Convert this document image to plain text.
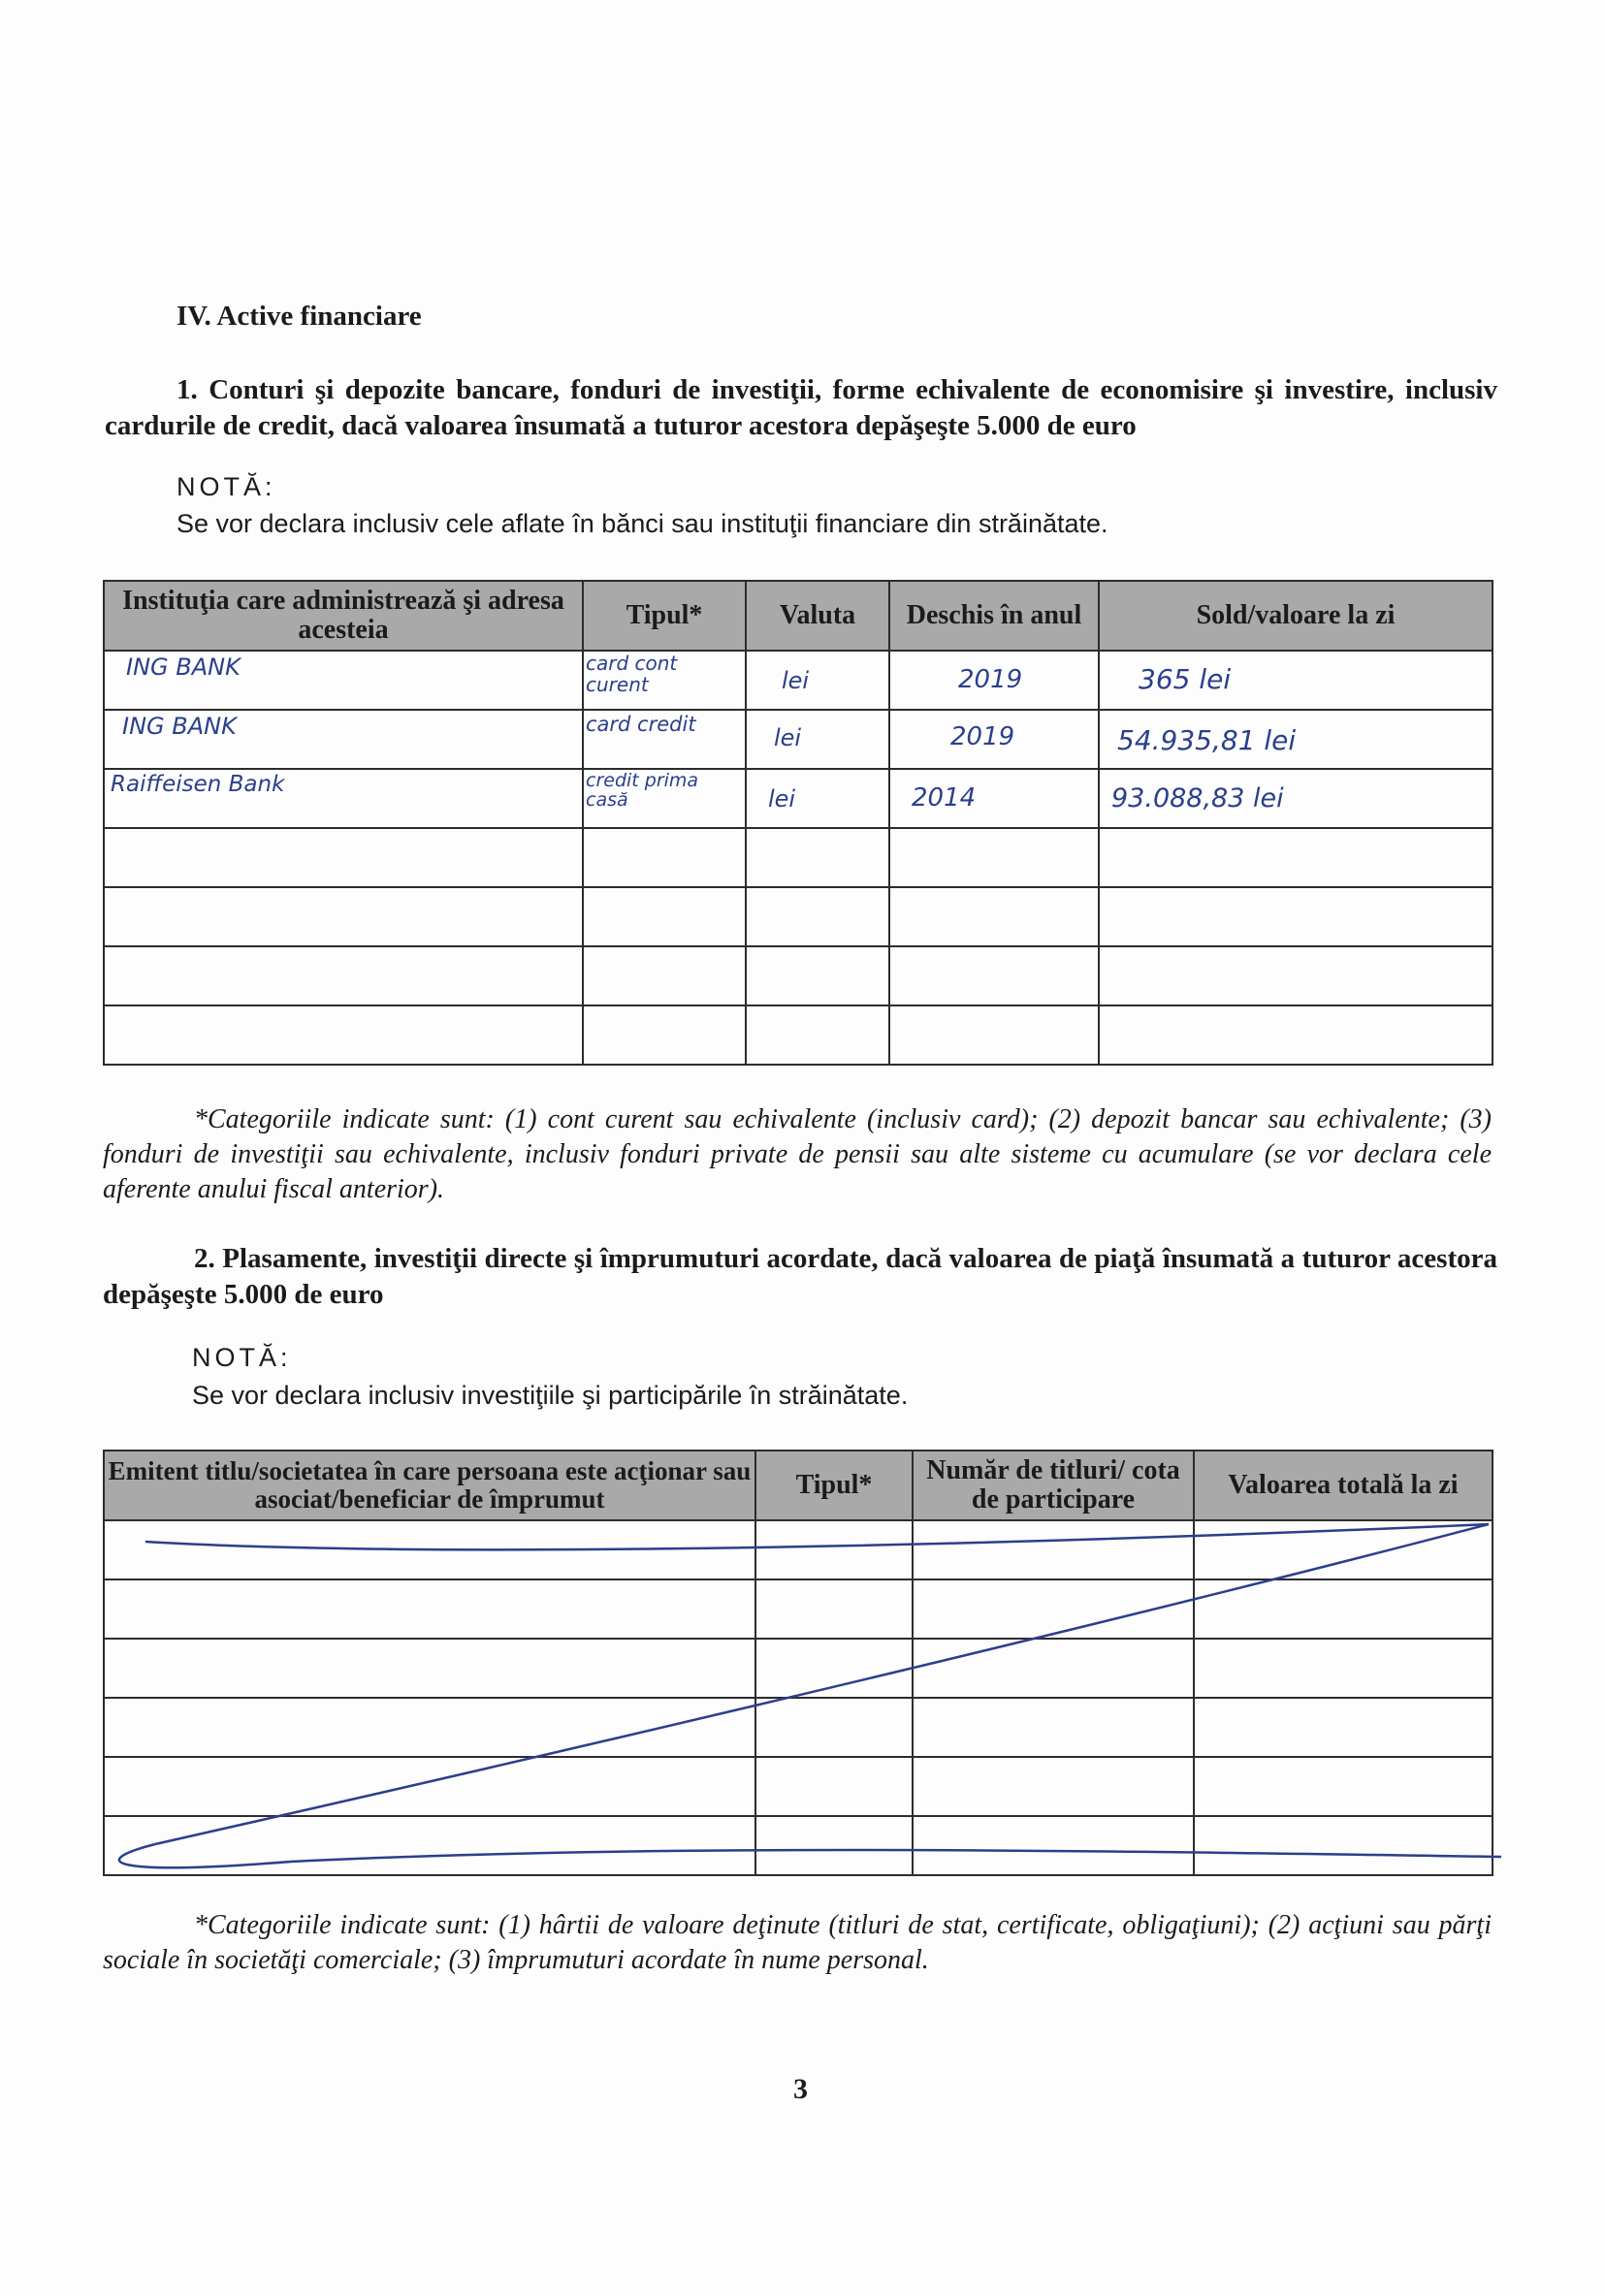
IV. Active financiare
1. Conturi şi depozite bancare, fonduri de investiţii, forme echivalente de economisire şi investire, inclusiv cardurile de credit, dacă valoarea însumată a tuturor acestora depăşeşte 5.000 de euro
NOTĂ:
Se vor declara inclusiv cele aflate în bănci sau instituţii financiare din străinătate.
Instituţia care administrează şi adresa acesteia	Tipul*	Valuta	Deschis în anul	Sold/valoare la zi

ING BANK	card cont curent	lei	2019	365 lei

ING BANK	card credit	lei	2019	54.935,81 lei

Raiffeisen Bank	credit prima casă	lei	2014	93.088,83 lei

*Categoriile indicate sunt: (1) cont curent sau echivalente (inclusiv card); (2) depozit bancar sau echivalente; (3) fonduri de investiţii sau echivalente, inclusiv fonduri private de pensii sau alte sisteme cu acumulare (se vor declara cele aferente anului fiscal anterior).
2. Plasamente, investiţii directe şi împrumuturi acordate, dacă valoarea de piaţă însumată a tuturor acestora depăşeşte 5.000 de euro
NOTĂ:
Se vor declara inclusiv investiţiile şi participările în străinătate.
Emitent titlu/societatea în care persoana este acţionar sau asociat/beneficiar de împrumut	Tipul*	Număr de titluri/ cota de participare	Valoarea totală la zi

*Categoriile indicate sunt: (1) hârtii de valoare deţinute (titluri de stat, certificate, obligaţiuni); (2) acţiuni sau părţi sociale în societăţi comerciale; (3) împrumuturi acordate în nume personal.
3
